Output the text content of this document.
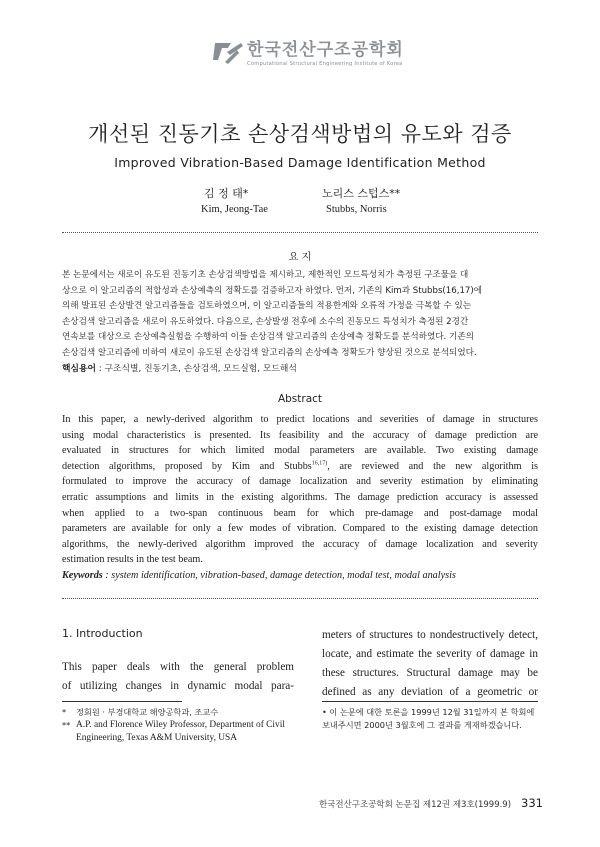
한국전산구조공학회
Computational Structural Engineering Institute of Korea
개선된 진동기초 손상검색방법의 유도와 검증
Improved Vibration-Based Damage Identification Method
김 정 태*	노리스 스텁스**
Kim, Jeong-Tae	Stubbs, Norris
요 지
본 논문에서는 새로이 유도된 진동기초 손상검색방법을 제시하고, 제한적인 모드특성치가 측정된 구조물을 대
상으로 이 알고리즘의 적합성과 손상예측의 정확도를 검증하고자 하였다. 먼저, 기존의 Kim과 Stubbs(16,17)에
의해 발표된 손상발견 알고리즘들을 검토하였으며, 이 알고리즘들의 적용한계와 오류적 가정을 극복할 수 있는
손상검색 알고리즘을 새로이 유도하였다. 다음으로, 손상발생 전후에 소수의 진동모드 특성치가 측정된 2경간
연속보를 대상으로 손상예측실험을 수행하여 이들 손상검색 알고리즘의 손상예측 정확도를 분석하였다. 기존의
손상검색 알고리즘에 비하여 새로이 유도된 손상검색 알고리즘의 손상예측 정확도가 향상된 것으로 분석되었다.
핵심용어 : 구조식별, 진동기초, 손상검색, 모드실험, 모드해석
Abstract
In this paper, a newly-derived algorithm to predict locations and severities of damage in structures
using modal characteristics is presented. Its feasibility and the accuracy of damage prediction are
evaluated in structures for which limited modal parameters are available. Two existing damage
detection algorithms, proposed by Kim and Stubbs$^{16,17)}$, are reviewed and the new algorithm is
formulated to improve the accuracy of damage localization and severity estimation by eliminating
erratic assumptions and limits in the existing algorithms. The damage prediction accuracy is assessed
when applied to a two-span continuous beam for which pre-damage and post-damage modal
parameters are available for only a few modes of vibration. Compared to the existing damage detection
algorithms, the newly-derived algorithm improved the accuracy of damage localization and severity
estimation results in the test beam.
Keywords : system identification, vibration-based, damage detection, modal test, modal analysis
1. Introduction
This paper deals with the general problem
of utilizing changes in dynamic modal para-
meters of structures to nondestructively detect,
locate, and estimate the severity of damage in
these structures. Structural damage may be
defined as any deviation of a geometric or
*	정회원 · 부경대학교 해양공학과, 조교수
** A.P. and Florence Wiley Professor, Department of Civil Engineering, Texas A&M University, USA
• 이 논문에 대한 토론을 1999년 12월 31일까지 본 학회에 보내주시면 2000년 3월호에 그 결과를 게재하겠습니다.
한국전산구조공학회 논문집 제12권 제3호(1999.9) 331
